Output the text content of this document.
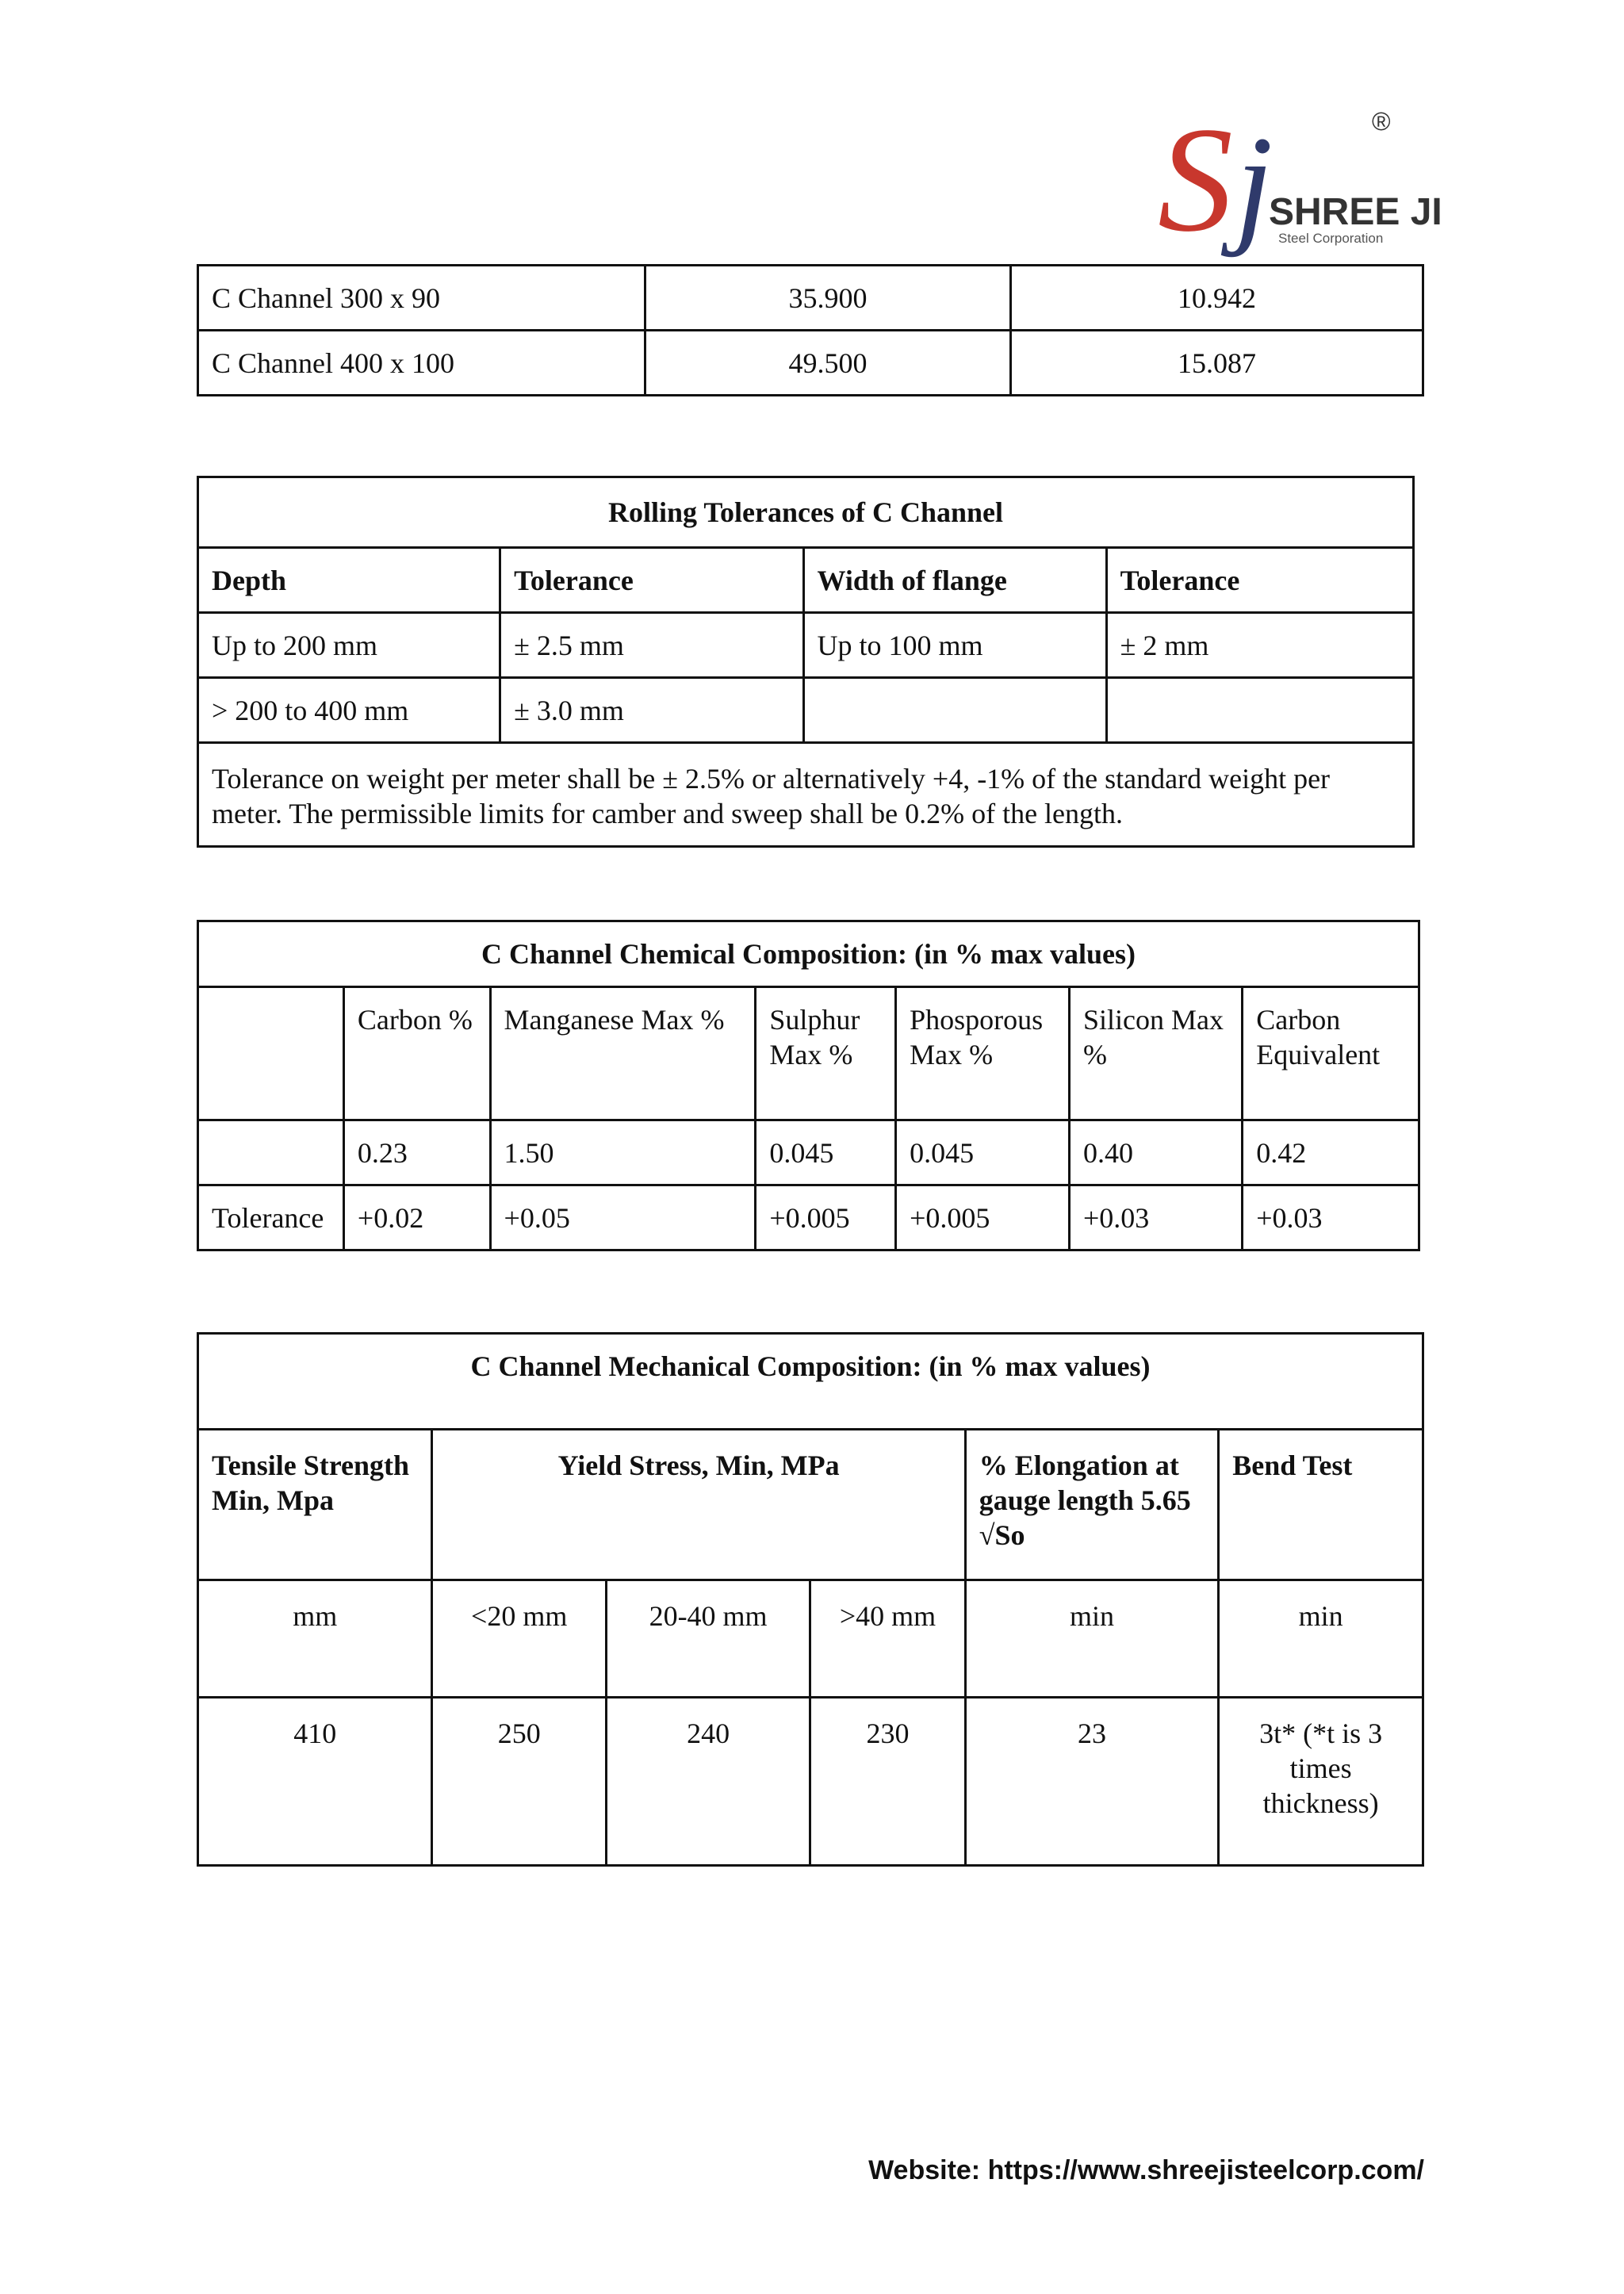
S j
SHREE JI
Steel Corporation
®
C Channel 300 x 90	35.900	10.942
C Channel 400 x 100	49.500	15.087
Rolling Tolerances of C Channel			
Depth	Tolerance	Width of flange	Tolerance
Up to 200 mm	± 2.5 mm	Up to 100 mm	± 2 mm
> 200 to 400 mm	± 3.0 mm		
Tolerance on weight per meter shall be ± 2.5% or alternatively +4, -1% of the standard weight per meter. The permissible limits for camber and sweep shall be 0.2% of the length.			
C Channel Chemical Composition: (in % max values)						
	Carbon %	Manganese Max %	Sulphur Max %	Phosporous Max %	Silicon Max %	Carbon Equivalent
	0.23	1.50	0.045	0.045	0.40	0.42
Tolerance	+0.02	+0.05	+0.005	+0.005	+0.03	+0.03
C Channel Mechanical Composition: (in % max values)					
Tensile Strength Min, Mpa	Yield Stress, Min, MPa			% Elongation at gauge length 5.65 √So	Bend Test
mm	<20 mm	20-40 mm	>40 mm	min	min
410	250	240	230	23	3t* (*t is 3 times thickness)
Website: https://www.shreejisteelcorp.com/
